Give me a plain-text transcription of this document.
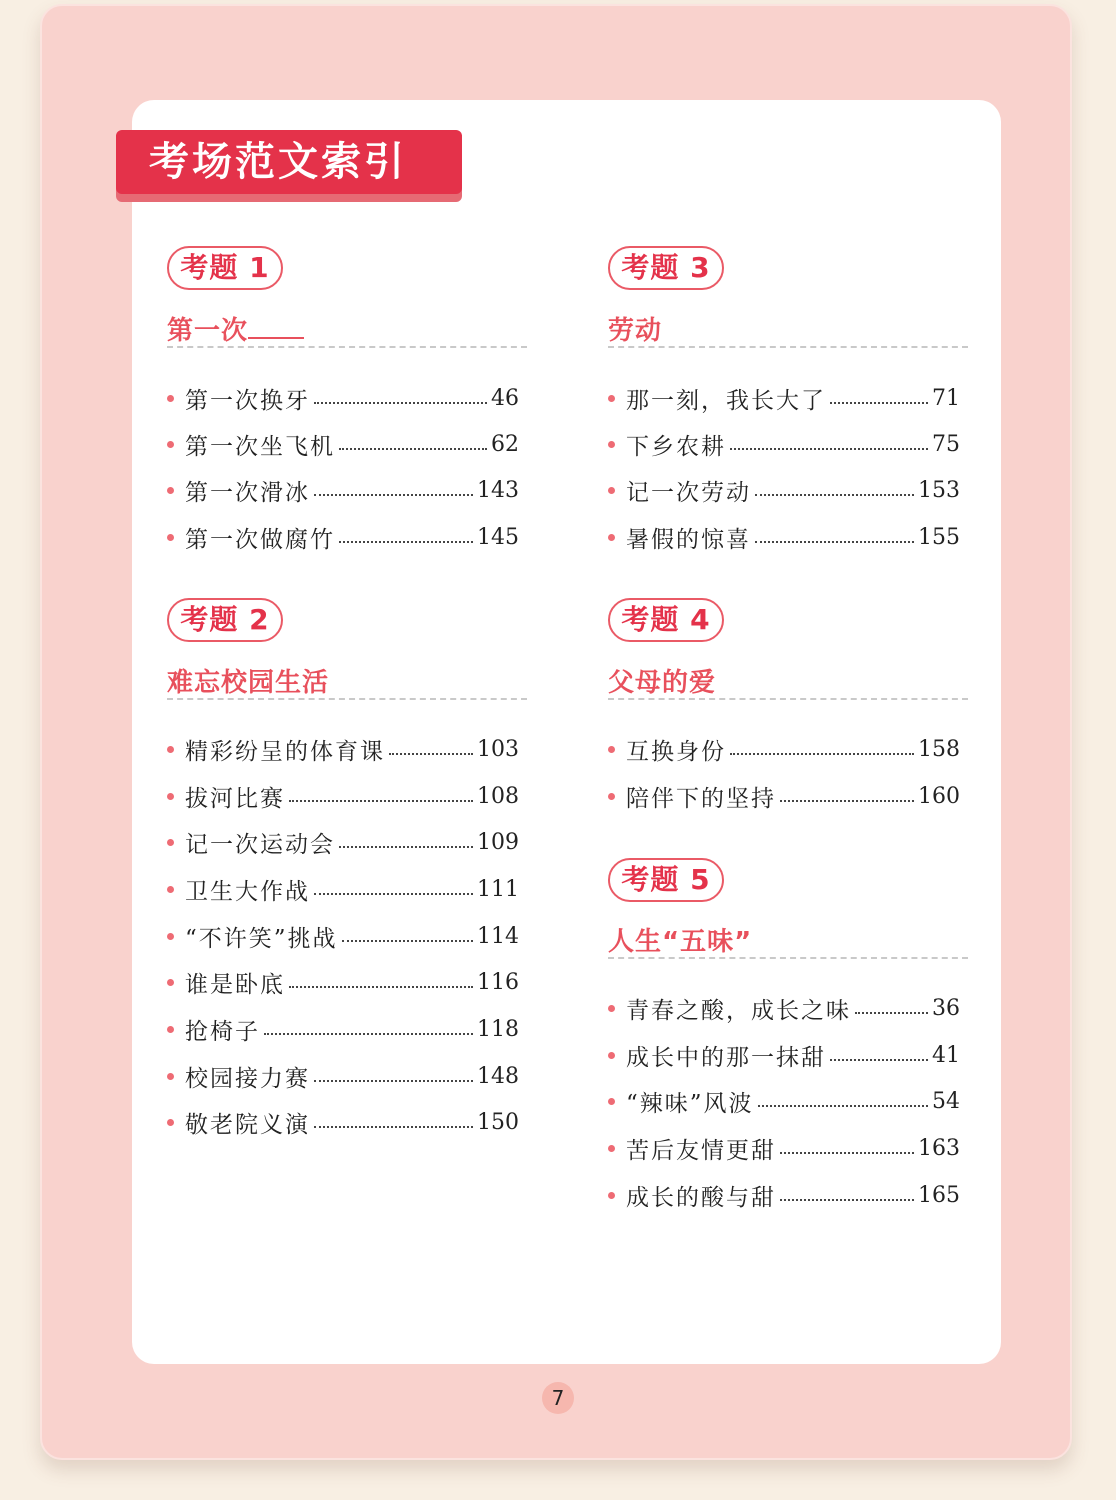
考场范文索引
考题 1
第一次
第一次换牙	46
第一次坐飞机	62
第一次滑冰	143
第一次做腐竹	145
考题 2
难忘校园生活
精彩纷呈的体育课	103
拔河比赛	108
记一次运动会	109
卫生大作战	111
“不许笑”挑战	114
谁是卧底	116
抢椅子	118
校园接力赛	148
敬老院义演	150
考题 3
劳动
那一刻，我长大了	71
下乡农耕	75
记一次劳动	153
暑假的惊喜	155
考题 4
父母的爱
互换身份	158
陪伴下的坚持	160
考题 5
人生“五味”
青春之酸，成长之味	36
成长中的那一抹甜	41
“辣味”风波	54
苦后友情更甜	163
成长的酸与甜	165
7
